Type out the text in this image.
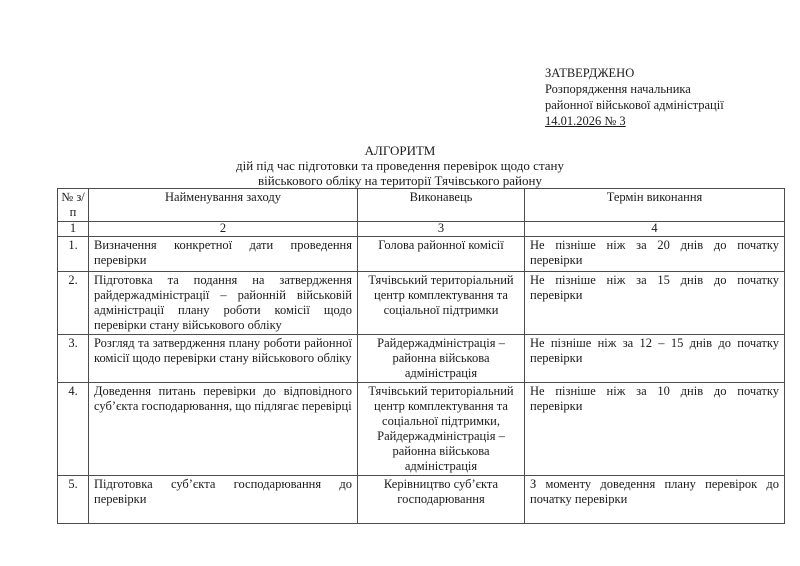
ЗАТВЕРДЖЕНО
Розпорядження начальника
районної військової адміністрації
14.01.2026 № 3
АЛГОРИТМ
дій під час підготовки та проведення перевірок щодо стану
військового обліку на території Тячівського району
№ з/п	Найменування заходу	Виконавець	Термін виконання
1	2	3	4
1.	Визначення конкретної дати проведення перевірки	Голова районної комісії	Не пізніше ніж за 20 днів до початку перевірки
2.	Підготовка та подання на затвердження райдержадміністрації – районній військовій адміністрації плану роботи комісії щодо перевірки стану військового обліку	Тячівський територіальний центр комплектування та соціальної підтримки	Не пізніше ніж за 15 днів до початку перевірки
3.	Розгляд та затвердження плану роботи районної комісії щодо перевірки стану військового обліку	Райдержадміністрація – районна військова адміністрація	Не пізніше ніж за 12 – 15 днів до початку перевірки
4.	Доведення питань перевірки до відповідного суб’єкта господарювання, що підлягає перевірці	Тячівський територіальний центр комплектування та соціальної підтримки, Райдержадміністрація – районна військова адміністрація	Не пізніше ніж за 10 днів до початку перевірки
5.	Підготовка суб’єкта господарювання до перевірки	Керівництво суб’єкта господарювання	З моменту доведення плану перевірок до початку перевірки
